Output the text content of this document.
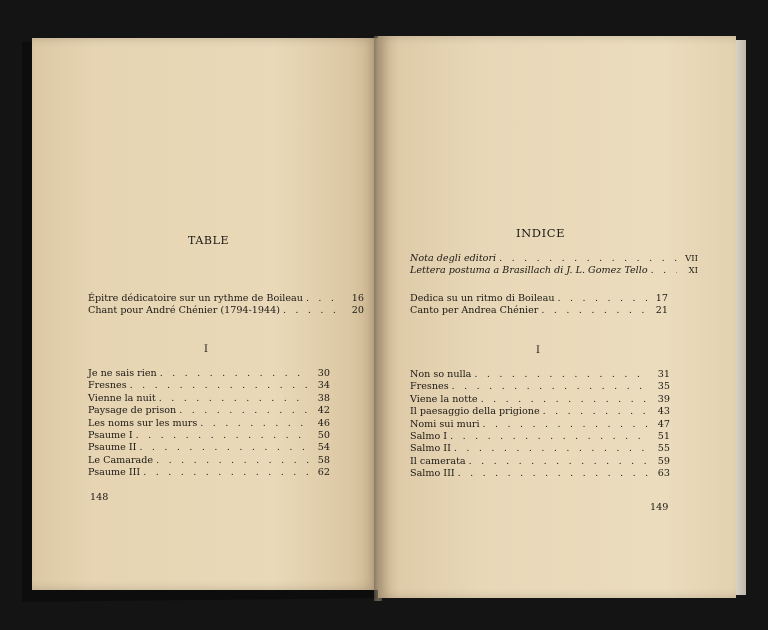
TABLE
Épitre dédicatoire sur un rythme de Boileau . . .	16
Chant pour André Chénier (1794-1944) . . .	20
I
Je ne sais rien . . .	30
Fresnes . . .	34
Vienne la nuit . . .	38
Paysage de prison . . .	42
Les noms sur les murs . . .	46
Psaume I . . .	50
Psaume II . . .	54
Le Camarade . . .	58
Psaume III . . .	62
148
INDICE
Nota degli editori . . .	VII
Lettera postuma a Brasillach di J. L. Gomez Tello . . .	XI
Dedica su un ritmo di Boileau . . .	17
Canto per Andrea Chénier . . .	21
I
Non so nulla . . .	31
Fresnes . . .	35
Viene la notte . . .	39
Il paesaggio della prigione . . .	43
Nomi sui muri . . .	47
Salmo I . . .	51
Salmo II . . .	55
Il camerata . . .	59
Salmo III . . .	63
149
